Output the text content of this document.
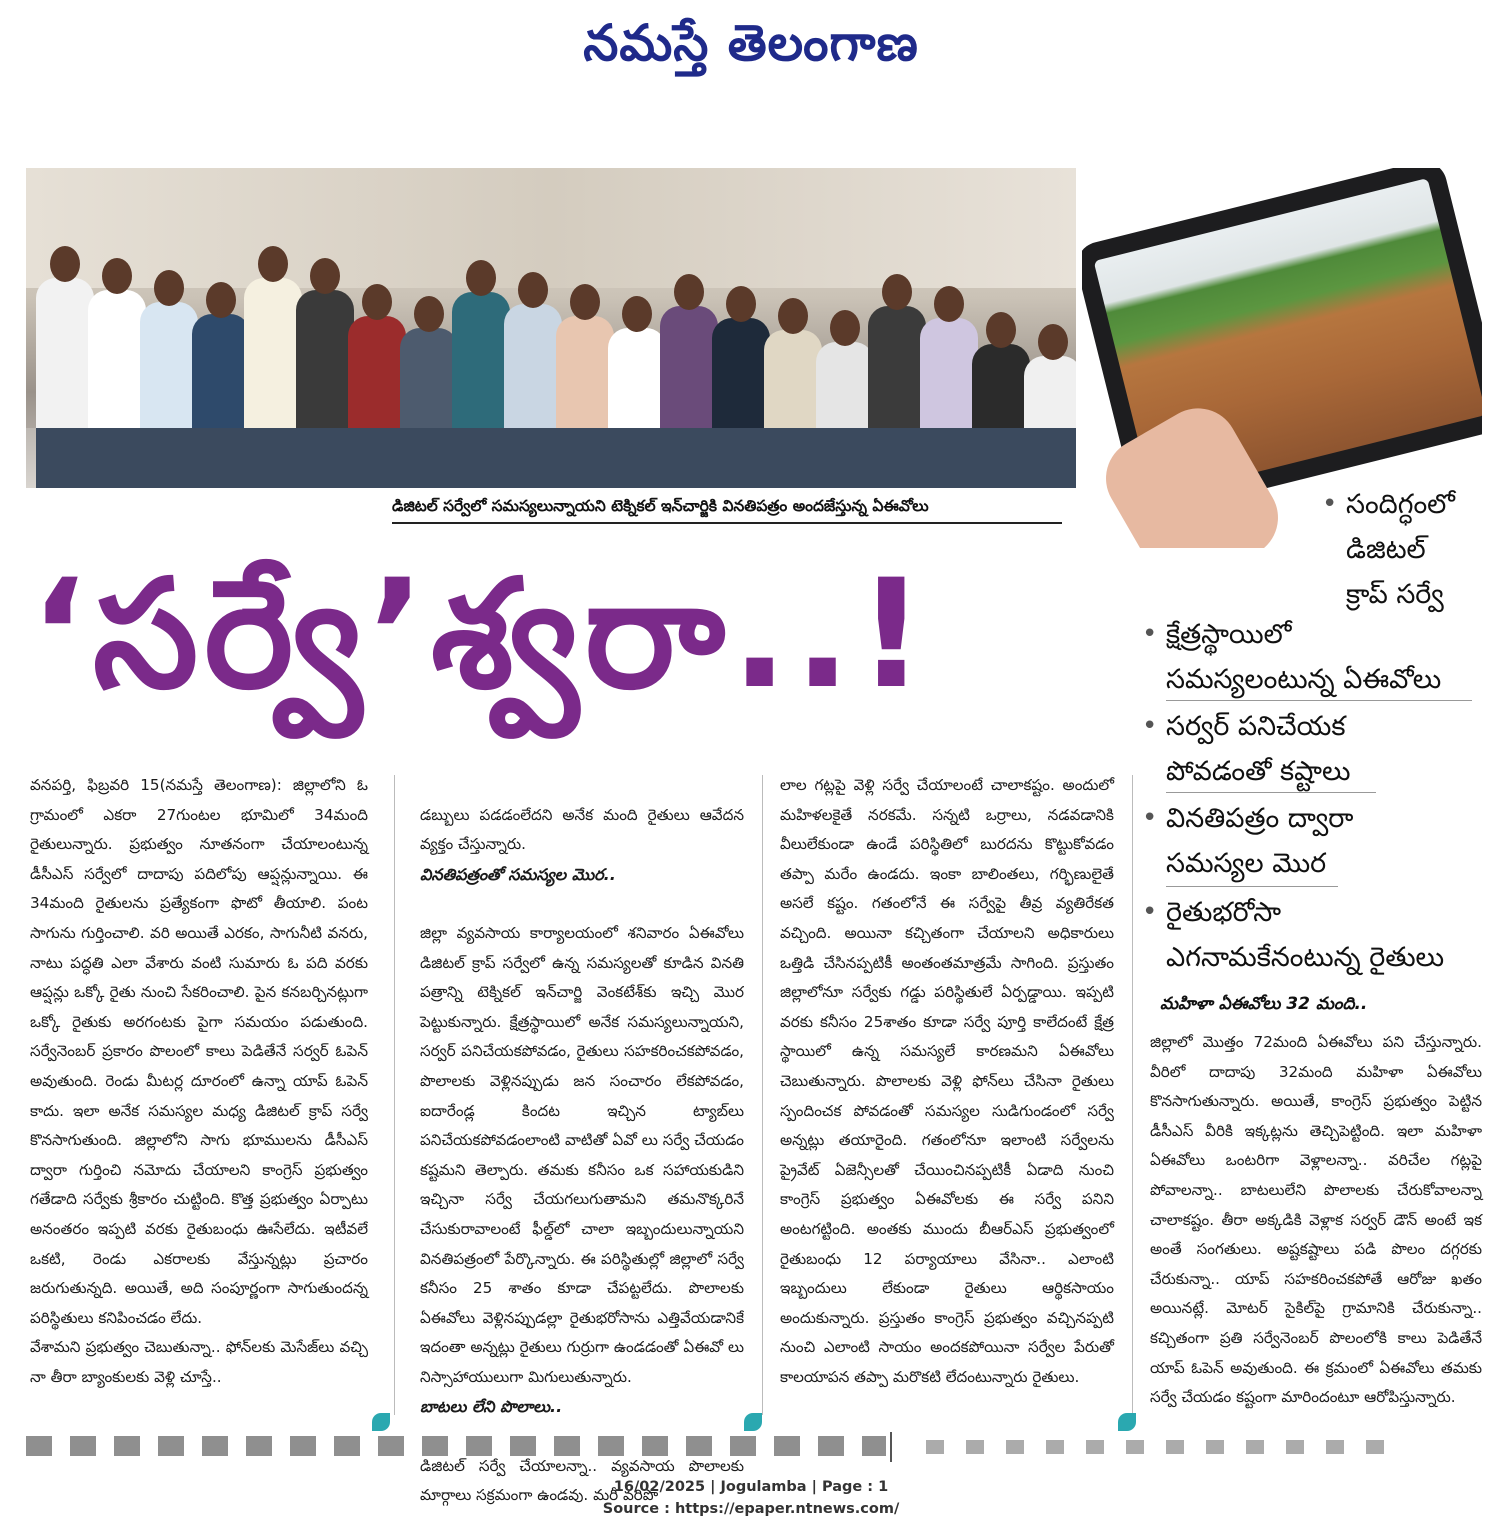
నమస్తే తెలంగాణ
డిజిటల్ సర్వేలో సమస్యలున్నాయని టెక్నికల్ ఇన్‌చార్జికి వినతిపత్రం అందజేస్తున్న ఏఈవోలు
‘సర్వే’శ్వరా..!
• సందిగ్ధంలో
డిజిటల్
క్రాప్ సర్వే
• క్షేత్రస్థాయిలో
సమస్యలంటున్న ఏఈవోలు
• సర్వర్ పనిచేయక
పోవడంతో కష్టాలు
• వినతిపత్రం ద్వారా
సమస్యల మొర
• రైతుభరోసా
ఎగనామకేనంటున్న రైతులు
వనపర్తి, ఫిబ్రవరి 15(నమస్తే తెలంగాణ): జిల్లాలోని ఓ గ్రామంలో ఎకరా 27గుంటల భూమిలో 34మంది రైతులున్నారు. ప్రభుత్వం నూతనంగా చేయాలంటున్న డీసీఎస్ సర్వేలో దాదాపు పదిలోపు ఆప్షన్లున్నాయి. ఈ 34మంది రైతులను ప్రత్యేకంగా ఫొటో తీయాలి. పంట సాగును గుర్తించాలి. వరి అయితే ఎరకం, సాగునీటి వనరు, నాటు పద్ధతి ఎలా వేశారు వంటి సుమారు ఓ పది వరకు ఆప్షన్లు ఒక్కో రైతు నుంచి సేకరించాలి. పైన కనబర్చినట్లుగా ఒక్కో రైతుకు అరగంటకు పైగా సమయం పడుతుంది. సర్వేనెంబర్ ప్రకారం పొలంలో కాలు పెడితేనే సర్వర్ ఓపెన్ అవుతుంది. రెండు మీటర్ల దూరంలో ఉన్నా యాప్ ఓపెన్ కాదు. ఇలా అనేక సమస్యల మధ్య డిజిటల్ క్రాప్ సర్వే కొనసాగుతుంది. జిల్లాలోని సాగు భూములను డీసీఎస్ ద్వారా గుర్తించి నమోదు చేయాలని కాంగ్రెస్ ప్రభుత్వం గతేడాది సర్వేకు శ్రీకారం చుట్టింది. కొత్త ప్రభుత్వం ఏర్పాటు అనంతరం ఇప్పటి వరకు రైతుబంధు ఊసేలేదు. ఇటీవలే ఒకటి, రెండు ఎకరాలకు వేస్తున్నట్లు ప్రచారం జరుగుతున్నది. అయితే, అది సంపూర్ణంగా సాగుతుందన్న పరిస్థితులు కనిపించడం లేదు.
వేశామని ప్రభుత్వం చెబుతున్నా.. ఫోన్‌లకు మెసేజ్‌లు వచ్చి నా తీరా బ్యాంకులకు వెళ్లి చూస్తే..

డబ్బులు పడడంలేదని అనేక మంది రైతులు ఆవేదన వ్యక్తం చేస్తున్నారు.

వినతిపత్రంతో సమస్యల మొర..

జిల్లా వ్యవసాయ కార్యాలయంలో శనివారం ఏఈవోలు డిజిటల్ క్రాప్ సర్వేలో ఉన్న సమస్యలతో కూడిన వినతి పత్రాన్ని టెక్నికల్ ఇన్‌చార్జి వెంకటేశ్‌కు ఇచ్చి మొర పెట్టుకున్నారు. క్షేత్రస్థాయిలో అనేక సమస్యలున్నాయని, సర్వర్ పనిచేయకపోవడం, రైతులు సహకరించకపోవడం, పొలాలకు వెళ్లినప్పుడు జన సంచారం లేకపోవడం, ఐదారేండ్ల కిందట ఇచ్చిన ట్యాబ్‌లు పనిచేయకపోవడంలాంటి వాటితో ఏవో లు సర్వే చేయడం కష్టమని తెల్పారు. తమకు కనీసం ఒక సహాయకుడిని ఇచ్చినా సర్వే చేయగలుగుతామని తమనొక్కరినే చేసుకురావాలంటే ఫీల్డ్‌లో చాలా ఇబ్బందులున్నాయని వినతిపత్రంలో పేర్కొన్నారు. ఈ పరిస్థితుల్లో జిల్లాలో సర్వే కనీసం 25 శాతం కూడా చేపట్టలేదు. పొలాలకు ఏఈవోలు వెళ్లినప్పుడల్లా రైతుభరోసాను ఎత్తివేయడానికే ఇదంతా అన్నట్లు రైతులు గుర్రుగా ఉండడంతో ఏఈవో లు నిస్సాహాయులుగా మిగులుతున్నారు.

బాటలు లేని పొలాలు..

డిజిటల్ సర్వే చేయాలన్నా.. వ్యవసాయ పొలాలకు మార్గాలు సక్రమంగా ఉండవు. మరీ వరిపొ

లాల గట్లపై వెళ్లి సర్వే చేయాలంటే చాలాకష్టం. అందులో మహిళలకైతే నరకమే. సన్నటి ఒర్రాలు, నడవడానికి వీలులేకుండా ఉండే పరిస్థితిలో బురదను కొట్టుకోవడం తప్పా మరేం ఉండదు. ఇంకా బాలింతలు, గర్భిణులైతే అసలే కష్టం. గతంలోనే ఈ సర్వేపై తీవ్ర వ్యతిరేకత వచ్చింది. అయినా కచ్చితంగా చేయాలని అధికారులు ఒత్తిడి చేసినప్పటికీ అంతంతమాత్రమే సాగింది. ప్రస్తుతం జిల్లాలోనూ సర్వేకు గడ్డు పరిస్థితులే ఏర్పడ్డాయి. ఇప్పటి వరకు కనీసం 25శాతం కూడా సర్వే పూర్తి కాలేదంటే క్షేత్ర స్థాయిలో ఉన్న సమస్యలే కారణమని ఏఈవోలు చెబుతున్నారు. పొలాలకు వెళ్లి ఫోన్‌లు చేసినా రైతులు స్పందించక పోవడంతో సమస్యల సుడిగుండంలో సర్వే అన్నట్లు తయారైంది. గతంలోనూ ఇలాంటి సర్వేలను ప్రైవేట్ ఏజెన్సీలతో చేయించినప్పటికీ ఏడాది నుంచి కాంగ్రెస్ ప్రభుత్వం ఏఈవోలకు ఈ సర్వే పనిని అంటగట్టింది. అంతకు ముందు బీఆర్ఎస్ ప్రభుత్వంలో రైతుబంధు 12 పర్యాయాలు వేసినా.. ఎలాంటి ఇబ్బందులు లేకుండా రైతులు ఆర్థికసాయం అందుకున్నారు. ప్రస్తుతం కాంగ్రెస్ ప్రభుత్వం వచ్చినప్పటి నుంచి ఎలాంటి సాయం అందకపోయినా సర్వేల పేరుతో కాలయాపన తప్పా మరొకటి లేదంటున్నారు రైతులు.
మహిళా ఏఈవోలు 32 మంది..
జిల్లాలో మొత్తం 72మంది ఏఈవోలు పని చేస్తున్నారు. వీరిలో దాదాపు 32మంది మహిళా ఏఈవోలు కొనసాగుతున్నారు. అయితే, కాంగ్రెస్ ప్రభుత్వం పెట్టిన డీసీఎస్ వీరికి ఇక్కట్లను తెచ్చిపెట్టింది. ఇలా మహిళా ఏఈవోలు ఒంటరిగా వెళ్లాలన్నా.. వరిచేల గట్లపై పోవాలన్నా.. బాటలులేని పొలాలకు చేరుకోవాలన్నా చాలాకష్టం. తీరా అక్కడికి వెళ్లాక సర్వర్ డౌన్ అంటే ఇక అంతే సంగతులు. అష్టకష్టాలు పడి పొలం దగ్గరకు చేరుకున్నా.. యాప్ సహకరించకపోతే ఆరోజు ఖతం అయినట్లే. మోటర్ సైకిల్‌పై గ్రామానికి చేరుకున్నా.. కచ్చితంగా ప్రతి సర్వేనెంబర్ పొలంలోకి కాలు పెడితేనే యాప్ ఓపెన్ అవుతుంది. ఈ క్రమంలో ఏఈవోలు తమకు సర్వే చేయడం కష్టంగా మారిందంటూ ఆరోపిస్తున్నారు.
16/02/2025 | Jogulamba | Page : 1
Source : https://epaper.ntnews.com/
